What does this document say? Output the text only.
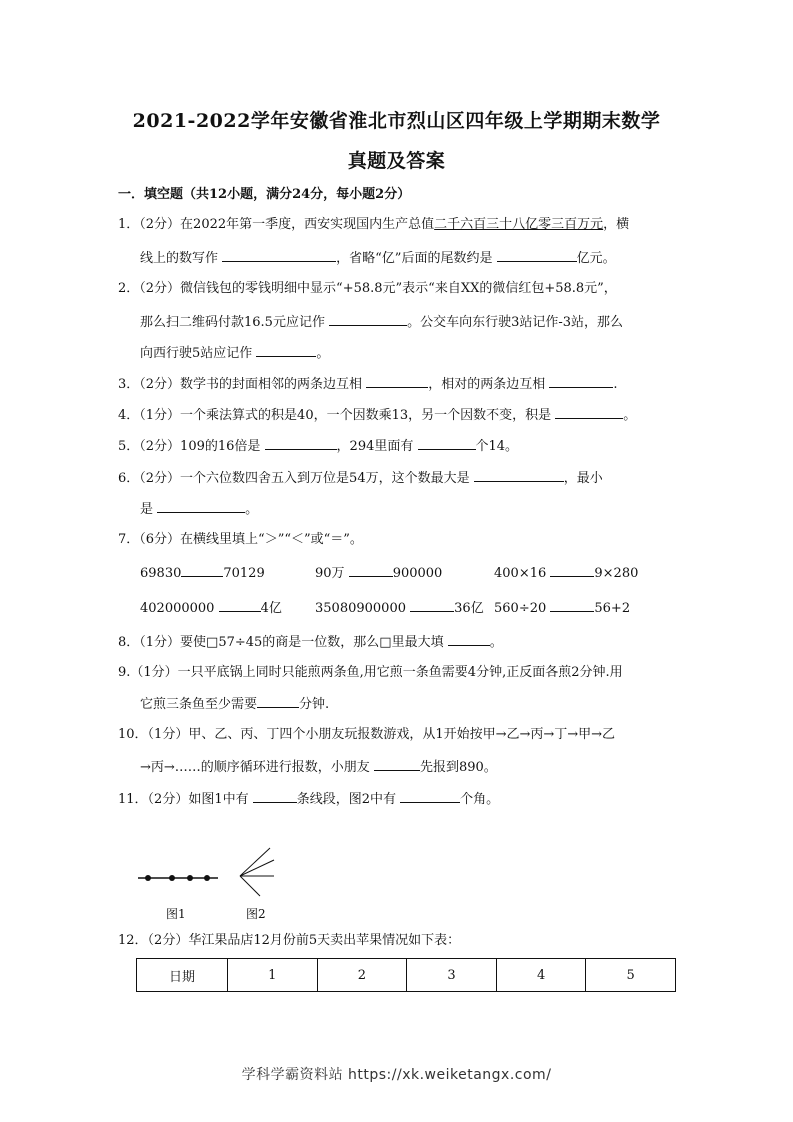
2021-2022学年安徽省淮北市烈山区四年级上学期期末数学
真题及答案
一．填空题（共12小题，满分24分，每小题2分）
1．（2分）在2022年第一季度，西安实现国内生产总值二千六百三十八亿零三百万元，横
线上的数写作	，省略“亿”后面的尾数约是	亿元。
2．（2分）微信钱包的零钱明细中显示“+58.8元”表示“来自XX的微信红包+58.8元”，
那么扫二维码付款16.5元应记作	。公交车向东行驶3站记作-3站，那么
向西行驶5站应记作	。
3．（2分）数学书的封面相邻的两条边互相	，相对的两条边互相	.
4．（1分）一个乘法算式的积是40，一个因数乘13，另一个因数不变，积是	。
5．（2分）109的16倍是	，294里面有	个14。
6．（2分）一个六位数四舍五入到万位是54万，这个数最大是	，最小
是	。
7．（6分）在横线里填上“＞”“＜”或“＝”。
69830	70129	90万	900000	400×16	9×280
402000000	4亿	35080900000	36亿 560÷20	56+2
8．（1分）要使□57÷45的商是一位数，那么□里最大填	。
9.（1分）一只平底锅上同时只能煎两条鱼,用它煎一条鱼需要4分钟,正反面各煎2分钟.用
它煎三条鱼至少需要	分钟.
10．（1分）甲、乙、丙、丁四个小朋友玩报数游戏，从1开始按甲→乙→丙→丁→甲→乙
→丙→……的顺序循环进行报数，小朋友	先报到890。
11．（2分）如图1中有	条线段，图2中有	个角。
图1	图2
12．（2分）华江果品店12月份前5天卖出苹果情况如下表：
日期	1	2	3	4	5
学科学霸资料站 https://xk.weiketangx.com/
